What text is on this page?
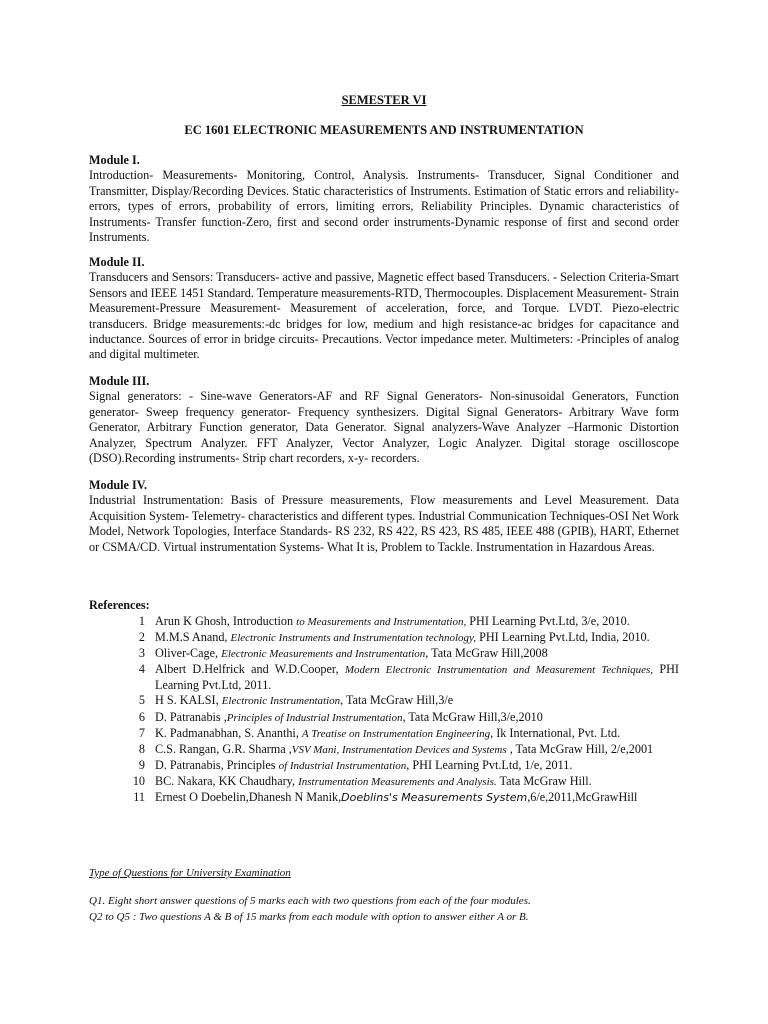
SEMESTER VI
EC 1601 ELECTRONIC MEASUREMENTS AND INSTRUMENTATION
Module I.
Introduction- Measurements- Monitoring, Control, Analysis. Instruments- Transducer, Signal Conditioner and Transmitter, Display/Recording Devices. Static characteristics of Instruments. Estimation of Static errors and reliability-errors, types of errors, probability of errors, limiting errors, Reliability Principles. Dynamic characteristics of Instruments- Transfer function-Zero, first and second order instruments-Dynamic response of first and second order Instruments.
Module II.
Transducers and Sensors: Transducers- active and passive, Magnetic effect based Transducers. - Selection Criteria-Smart Sensors and IEEE 1451 Standard. Temperature measurements-RTD, Thermocouples. Displacement Measurement- Strain Measurement-Pressure Measurement- Measurement of acceleration, force, and Torque. LVDT. Piezo-electric transducers. Bridge measurements:-dc bridges for low, medium and high resistance-ac bridges for capacitance and inductance. Sources of error in bridge circuits- Precautions. Vector impedance meter. Multimeters: -Principles of analog and digital multimeter.
Module III.
Signal generators: - Sine-wave Generators-AF and RF Signal Generators- Non-sinusoidal Generators, Function generator- Sweep frequency generator- Frequency synthesizers. Digital Signal Generators- Arbitrary Wave form Generator, Arbitrary Function generator, Data Generator. Signal analyzers-Wave Analyzer –Harmonic Distortion Analyzer, Spectrum Analyzer. FFT Analyzer, Vector Analyzer, Logic Analyzer. Digital storage oscilloscope (DSO).Recording instruments- Strip chart recorders, x-y- recorders.
Module IV.
Industrial Instrumentation: Basis of Pressure measurements, Flow measurements and Level Measurement. Data Acquisition System- Telemetry- characteristics and different types. Industrial Communication Techniques-OSI Net Work Model, Network Topologies, Interface Standards- RS 232, RS 422, RS 423, RS 485, IEEE 488 (GPIB), HART, Ethernet or CSMA/CD. Virtual instrumentation Systems- What It is, Problem to Tackle. Instrumentation in Hazardous Areas.
References:
1 Arun K Ghosh, Introduction to Measurements and Instrumentation, PHI Learning Pvt.Ltd, 3/e, 2010.
2 M.M.S Anand, Electronic Instruments and Instrumentation technology, PHI Learning Pvt.Ltd, India, 2010.
3 Oliver-Cage, Electronic Measurements and Instrumentation, Tata McGraw Hill,2008
4 Albert D.Helfrick and W.D.Cooper, Modern Electronic Instrumentation and Measurement Techniques, PHI Learning Pvt.Ltd, 2011.
5 H S. KALSI, Electronic Instrumentation, Tata McGraw Hill,3/e
6 D. Patranabis ,Principles of Industrial Instrumentation, Tata McGraw Hill,3/e,2010
7 K. Padmanabhan, S. Ananthi, A Treatise on Instrumentation Engineering, Ik International, Pvt. Ltd.
8 C.S. Rangan, G.R. Sharma ,VSV Mani, Instrumentation Devices and Systems , Tata McGraw Hill, 2/e,2001
9 D. Patranabis, Principles of Industrial Instrumentation, PHI Learning Pvt.Ltd, 1/e, 2011.
10 BC. Nakara, KK Chaudhary, Instrumentation Measurements and Analysis. Tata McGraw Hill.
11 Ernest O Doebelin,Dhanesh N Manik,Doeblins's Measurements System,6/e,2011,McGrawHill
Type of Questions for University Examination
Q1. Eight short answer questions of 5 marks each with two questions from each of the four modules.
Q2 to Q5 : Two questions A & B of 15 marks from each module with option to answer either A or B.
